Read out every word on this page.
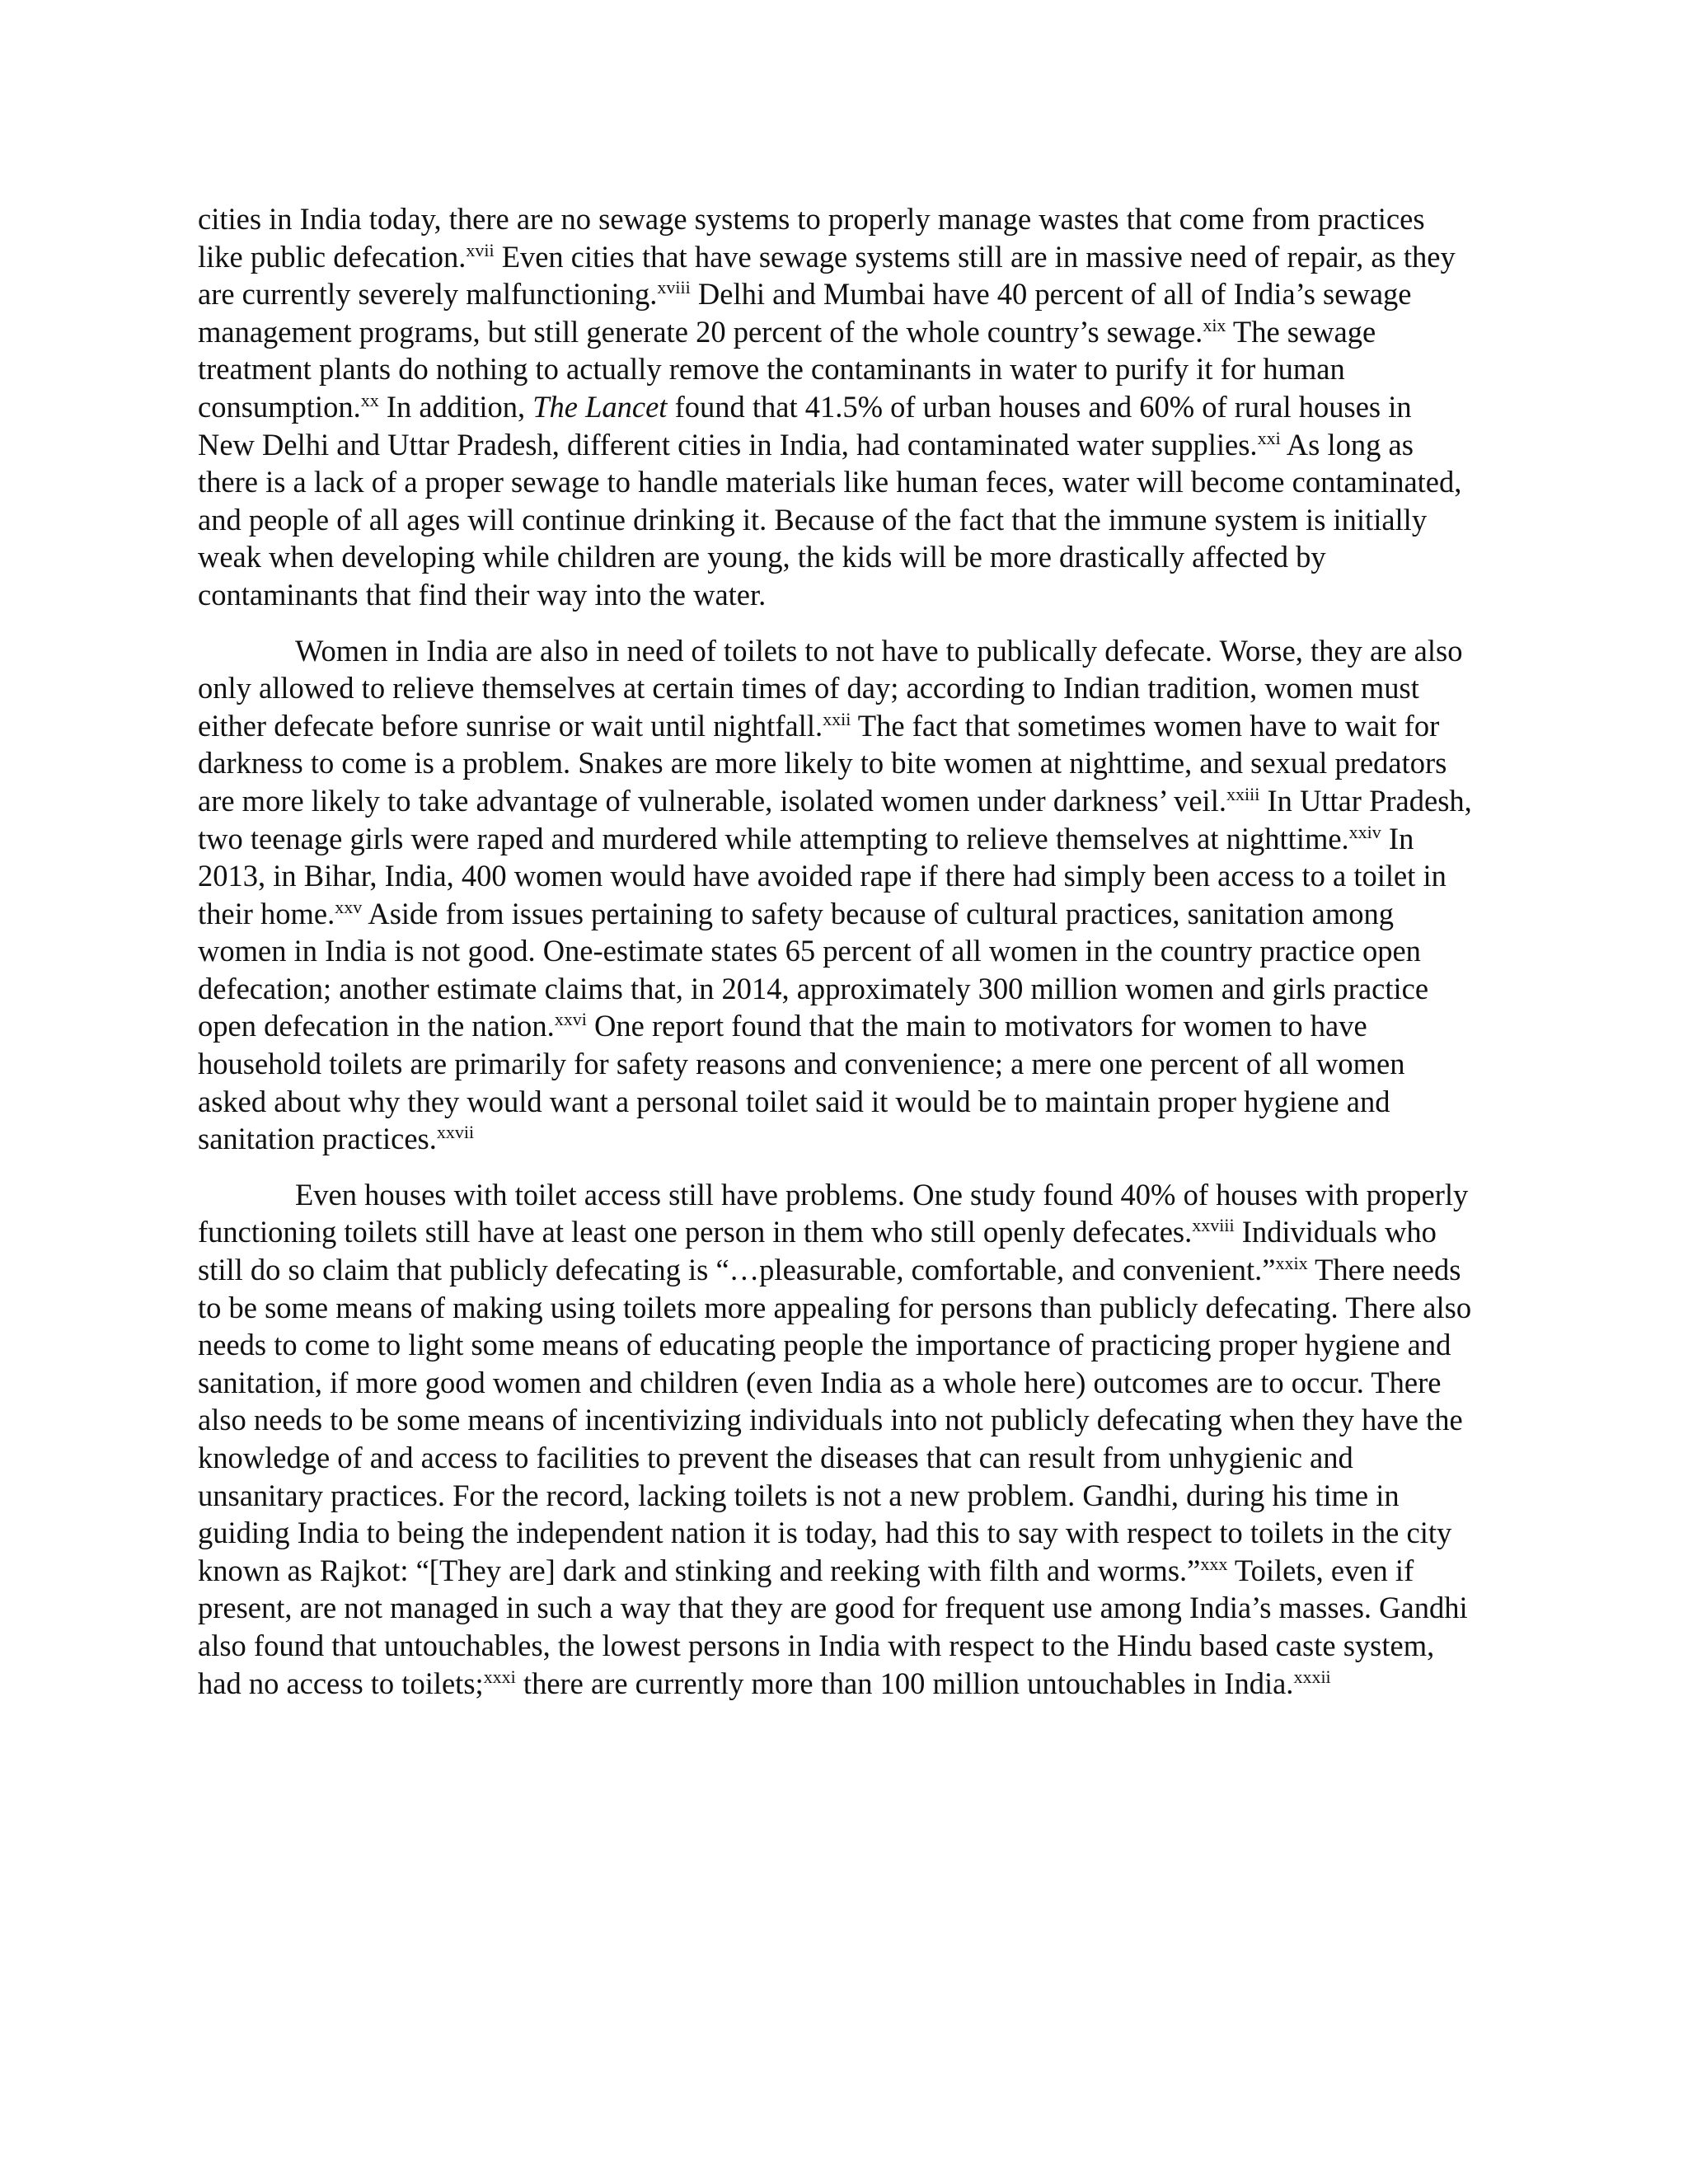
cities in India today, there are no sewage systems to properly manage wastes that come from practices like public defecation.$^{xvii}$ Even cities that have sewage systems still are in massive need of repair, as they are currently severely malfunctioning.$^{xviii}$ Delhi and Mumbai have 40 percent of all of India’s sewage management programs, but still generate 20 percent of the whole country’s sewage.$^{xix}$ The sewage treatment plants do nothing to actually remove the contaminants in water to purify it for human consumption.$^{xx}$ In addition, The Lancet found that 41.5% of urban houses and 60% of rural houses in New Delhi and Uttar Pradesh, different cities in India, had contaminated water supplies.$^{xxi}$ As long as there is a lack of a proper sewage to handle materials like human feces, water will become contaminated, and people of all ages will continue drinking it. Because of the fact that the immune system is initially weak when developing while children are young, the kids will be more drastically affected by contaminants that find their way into the water.

Women in India are also in need of toilets to not have to publically defecate. Worse, they are also only allowed to relieve themselves at certain times of day; according to Indian tradition, women must either defecate before sunrise or wait until nightfall.$^{xxii}$ The fact that sometimes women have to wait for darkness to come is a problem. Snakes are more likely to bite women at nighttime, and sexual predators are more likely to take advantage of vulnerable, isolated women under darkness’ veil.$^{xxiii}$ In Uttar Pradesh, two teenage girls were raped and murdered while attempting to relieve themselves at nighttime.$^{xxiv}$ In 2013, in Bihar, India, 400 women would have avoided rape if there had simply been access to a toilet in their home.$^{xxv}$ Aside from issues pertaining to safety because of cultural practices, sanitation among women in India is not good. One-estimate states 65 percent of all women in the country practice open defecation; another estimate claims that, in 2014, approximately 300 million women and girls practice open defecation in the nation.$^{xxvi}$ One report found that the main to motivators for women to have household toilets are primarily for safety reasons and convenience; a mere one percent of all women asked about why they would want a personal toilet said it would be to maintain proper hygiene and sanitation practices.$^{xxvii}$

Even houses with toilet access still have problems. One study found 40% of houses with properly functioning toilets still have at least one person in them who still openly defecates.$^{xxviii}$ Individuals who still do so claim that publicly defecating is “…pleasurable, comfortable, and convenient.”$^{xxix}$ There needs to be some means of making using toilets more appealing for persons than publicly defecating. There also needs to come to light some means of educating people the importance of practicing proper hygiene and sanitation, if more good women and children (even India as a whole here) outcomes are to occur. There also needs to be some means of incentivizing individuals into not publicly defecating when they have the knowledge of and access to facilities to prevent the diseases that can result from unhygienic and unsanitary practices. For the record, lacking toilets is not a new problem. Gandhi, during his time in guiding India to being the independent nation it is today, had this to say with respect to toilets in the city known as Rajkot: “[They are] dark and stinking and reeking with filth and worms.”$^{xxx}$ Toilets, even if present, are not managed in such a way that they are good for frequent use among India’s masses. Gandhi also found that untouchables, the lowest persons in India with respect to the Hindu based caste system, had no access to toilets;$^{xxxi}$ there are currently more than 100 million untouchables in India.$^{xxxii}$
